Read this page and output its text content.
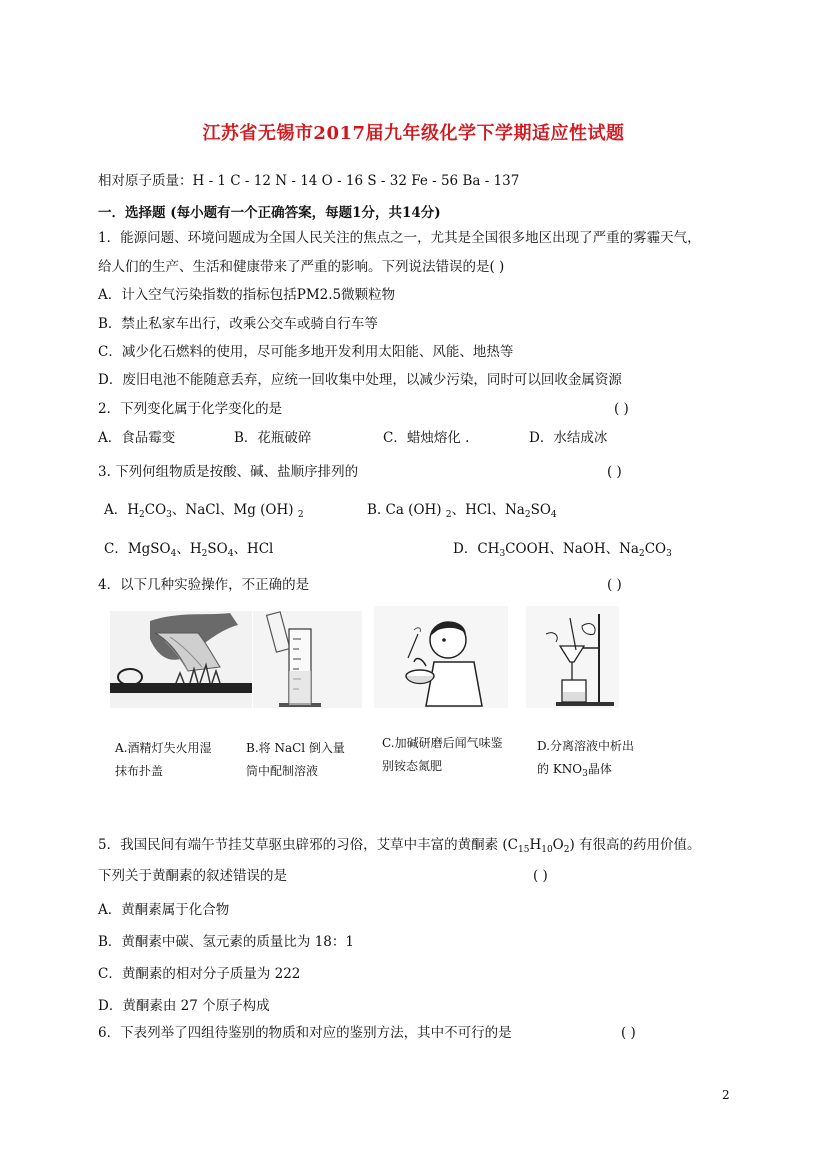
江苏省无锡市2017届九年级化学下学期适应性试题
相对原子质量：H - 1 C - 12 N - 14 O - 16 S - 32 Fe - 56 Ba - 137
一．选择题 (每小题有一个正确答案，每题1分，共14分)
1．能源问题、环境问题成为全国人民关注的焦点之一，尤其是全国很多地区出现了严重的雾霾天气，
给人们的生产、生活和健康带来了严重的影响。下列说法错误的是( )
A．计入空气污染指数的指标包括PM2.5微颗粒物
B．禁止私家车出行，改乘公交车或骑自行车等
C．减少化石燃料的使用，尽可能多地开发利用太阳能、风能、地热等
D．废旧电池不能随意丢弃，应统一回收集中处理，以减少污染，同时可以回收金属资源
2．下列变化属于化学变化的是	( )
A．食品霉变	B．花瓶破碎	C．蜡烛熔化 .	D．水结成冰
3. 下列何组物质是按酸、碱、盐顺序排列的	( )
A．$H_2CO_3$、NaCl、Mg (OH) $_2$	B. Ca (OH) $_2$、HCl、$Na_2SO_4$
C．MgSO$_4$、$H_2SO_4$、HCl	D．$CH_3COOH$、NaOH、$Na_2CO_3$
4．以下几种实验操作，不正确的是	( )
A.酒精灯失火用湿
抹布扑盖
B.将 NaCl 倒入量
筒中配制溶液
C.加碱研磨后闻气味鉴
别铵态氮肥
D.分离溶液中析出
的 $KNO_3$晶体
5．我国民间有端午节挂艾草驱虫辟邪的习俗，艾草中丰富的黄酮素 $(C_{15}H_{10}O_2)$ 有很高的药用价值。
下列关于黄酮素的叙述错误的是	( )
A．黄酮素属于化合物
B．黄酮素中碳、氢元素的质量比为 18：1
C．黄酮素的相对分子质量为 222
D．黄酮素由 27 个原子构成
6．下表列举了四组待鉴别的物质和对应的鉴别方法，其中不可行的是	( )
2
